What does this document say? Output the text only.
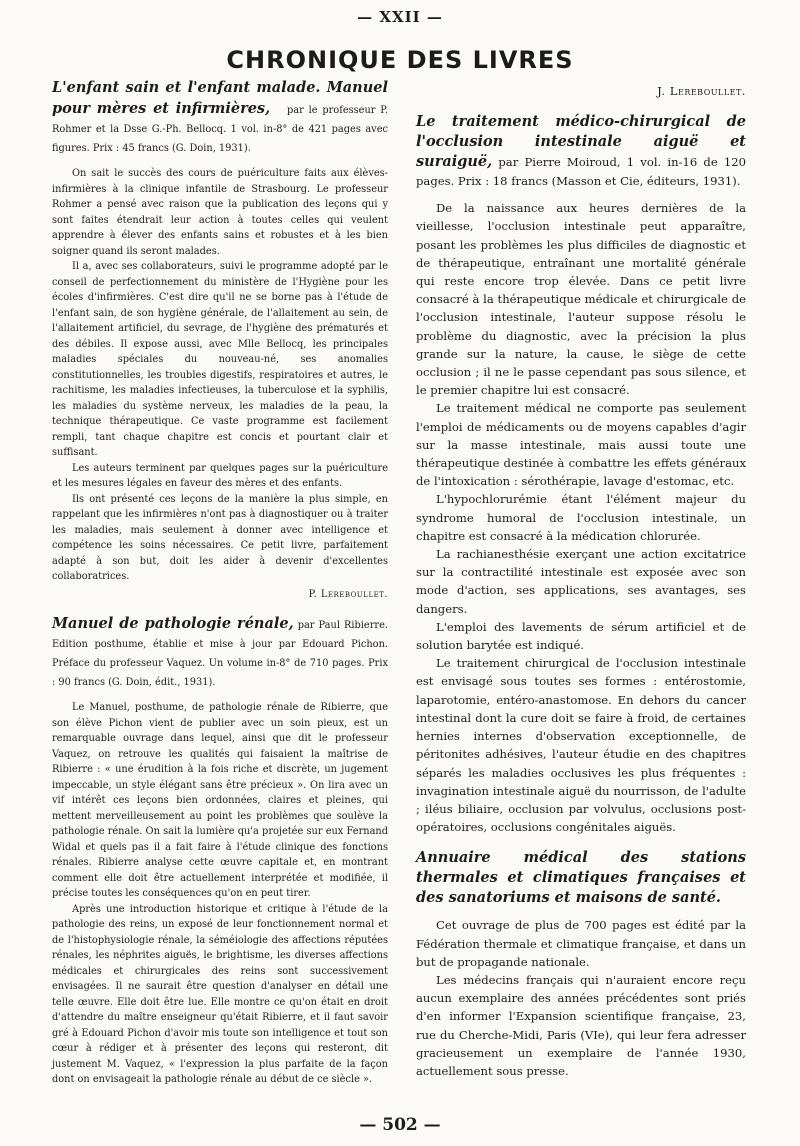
— XXII —
CHRONIQUE DES LIVRES
L'enfant sain et l'enfant malade. Manuel pour mères et infirmières, par le professeur P. Rohmer et la Dsse G.-Ph. Bellocq. 1 vol. in-8° de 421 pages avec figures. Prix : 45 francs (G. Doin, 1931).

On sait le succès des cours de puériculture faits aux élèves-infirmières à la clinique infantile de Strasbourg. Le professeur Rohmer a pensé avec raison que la publication des leçons qui y sont faites étendrait leur action à toutes celles qui veulent apprendre à élever des enfants sains et robustes et à les bien soigner quand ils seront malades.

Il a, avec ses collaborateurs, suivi le programme adopté par le conseil de perfectionnement du ministère de l'Hygiène pour les écoles d'infirmières. C'est dire qu'il ne se borne pas à l'étude de l'enfant sain, de son hygiène générale, de l'allaitement au sein, de l'allaitement artificiel, du sevrage, de l'hygiène des prématurés et des débiles. Il expose aussi, avec Mlle Bellocq, les principales maladies spéciales du nouveau-né, ses anomalies constitutionnelles, les troubles digestifs, respiratoires et autres, le rachitisme, les maladies infectieuses, la tuberculose et la syphilis, les maladies du système nerveux, les maladies de la peau, la technique thérapeutique. Ce vaste programme est facilement rempli, tant chaque chapitre est concis et pourtant clair et suffisant.

Les auteurs terminent par quelques pages sur la puériculture et les mesures légales en faveur des mères et des enfants.

Ils ont présenté ces leçons de la manière la plus simple, en rappelant que les infirmières n'ont pas à diagnostiquer ou à traiter les maladies, mais seulement à donner avec intelligence et compétence les soins nécessaires. Ce petit livre, parfaitement adapté à son but, doit les aider à devenir d'excellentes collaboratrices.

P. Lereboullet.
Manuel de pathologie rénale, par Paul Ribierre. Edition posthume, établie et mise à jour par Edouard Pichon. Préface du professeur Vaquez. Un volume in-8° de 710 pages. Prix : 90 francs (G. Doin, édit., 1931).

Le Manuel, posthume, de pathologie rénale de Ribierre, que son élève Pichon vient de publier avec un soin pieux, est un remarquable ouvrage dans lequel, ainsi que dit le professeur Vaquez, on retrouve les qualités qui faisaient la maîtrise de Ribierre : « une érudition à la fois riche et discrète, un jugement impeccable, un style élégant sans être précieux ». On lira avec un vif intérêt ces leçons bien ordonnées, claires et pleines, qui mettent merveilleusement au point les problèmes que soulève la pathologie rénale. On sait la lumière qu'a projetée sur eux Fernand Widal et quels pas il a fait faire à l'étude clinique des fonctions rénales. Ribierre analyse cette œuvre capitale et, en montrant comment elle doit être actuellement interprétée et modifiée, il précise toutes les conséquences qu'on en peut tirer.

Après une introduction historique et critique à l'étude de la pathologie des reins, un exposé de leur fonctionnement normal et de l'histophysiologie rénale, la séméiologie des affections réputées rénales, les néphrites aiguës, le brightisme, les diverses affections médicales et chirurgicales des reins sont successivement envisagées. Il ne saurait être question d'analyser en détail une telle œuvre. Elle doit être lue. Elle montre ce qu'on était en droit d'attendre du maître enseigneur qu'était Ribierre, et il faut savoir gré à Edouard Pichon d'avoir mis toute son intelligence et tout son cœur à rédiger et à présenter des leçons qui resteront, dit justement M. Vaquez, « l'expression la plus parfaite de la façon dont on envisageait la pathologie rénale au début de ce siècle ».

J. Lereboullet.
Le traitement médico-chirurgical de l'occlusion intestinale aiguë et suraiguë, par Pierre Moiroud, 1 vol. in-16 de 120 pages. Prix : 18 francs (Masson et Cie, éditeurs, 1931).

De la naissance aux heures dernières de la vieillesse, l'occlusion intestinale peut apparaître, posant les problèmes les plus difficiles de diagnostic et de thérapeutique, entraînant une mortalité générale qui reste encore trop élevée. Dans ce petit livre consacré à la thérapeutique médicale et chirurgicale de l'occlusion intestinale, l'auteur suppose résolu le problème du diagnostic, avec la précision la plus grande sur la nature, la cause, le siège de cette occlusion ; il ne le passe cependant pas sous silence, et le premier chapitre lui est consacré.

Le traitement médical ne comporte pas seulement l'emploi de médicaments ou de moyens capables d'agir sur la masse intestinale, mais aussi toute une thérapeutique destinée à combattre les effets généraux de l'intoxication : sérothérapie, lavage d'estomac, etc.

L'hypochlorurémie étant l'élément majeur du syndrome humoral de l'occlusion intestinale, un chapitre est consacré à la médication chlorurée.

La rachianesthésie exerçant une action excitatrice sur la contractilité intestinale est exposée avec son mode d'action, ses applications, ses avantages, ses dangers.

L'emploi des lavements de sérum artificiel et de solution barytée est indiqué.

Le traitement chirurgical de l'occlusion intestinale est envisagé sous toutes ses formes : entérostomie, laparotomie, entéro-anastomose. En dehors du cancer intestinal dont la cure doit se faire à froid, de certaines hernies internes d'observation exceptionnelle, de péritonites adhésives, l'auteur étudie en des chapitres séparés les maladies occlusives les plus fréquentes : invagination intestinale aiguë du nourrisson, de l'adulte ; iléus biliaire, occlusion par volvulus, occlusions post-opératoires, occlusions congénitales aiguës.

Annuaire médical des stations thermales et climatiques françaises et des sanatoriums et maisons de santé.

Cet ouvrage de plus de 700 pages est édité par la Fédération thermale et climatique française, et dans un but de propagande nationale.

Les médecins français qui n'auraient encore reçu aucun exemplaire des années précédentes sont priés d'en informer l'Expansion scientifique française, 23, rue du Cherche-Midi, Paris (VIe), qui leur fera adresser gracieusement un exemplaire de l'année 1930, actuellement sous presse.

— 502 —
